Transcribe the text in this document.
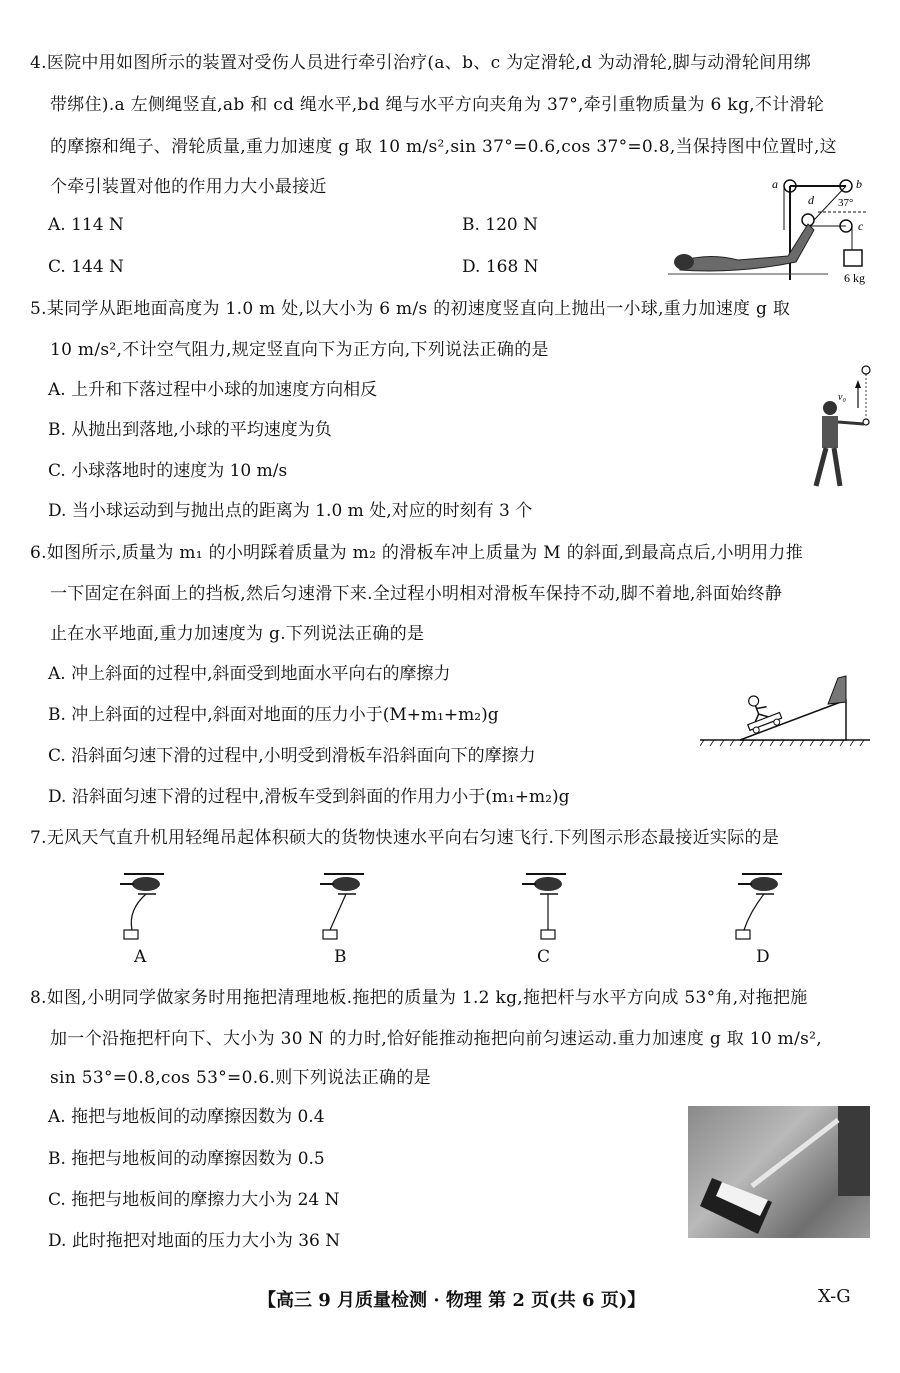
4.医院中用如图所示的装置对受伤人员进行牵引治疗(a、b、c 为定滑轮,d 为动滑轮,脚与动滑轮间用绑
带绑住).a 左侧绳竖直,ab 和 cd 绳水平,bd 绳与水平方向夹角为 37°,牵引重物质量为 6 kg,不计滑轮
的摩擦和绳子、滑轮质量,重力加速度 g 取 10 m/s²,sin 37°=0.6,cos 37°=0.8,当保持图中位置时,这
个牵引装置对他的作用力大小最接近
A. 114 N	B. 120 N
C. 144 N	D. 168 N
a	b
c
d 37°
6 kg
5.某同学从距地面高度为 1.0 m 处,以大小为 6 m/s 的初速度竖直向上抛出一小球,重力加速度 g 取
10 m/s²,不计空气阻力,规定竖直向下为正方向,下列说法正确的是
A. 上升和下落过程中小球的加速度方向相反
B. 从抛出到落地,小球的平均速度为负
C. 小球落地时的速度为 10 m/s
D. 当小球运动到与抛出点的距离为 1.0 m 处,对应的时刻有 3 个
v₀
6.如图所示,质量为 m₁ 的小明踩着质量为 m₂ 的滑板车冲上质量为 M 的斜面,到最高点后,小明用力推
一下固定在斜面上的挡板,然后匀速滑下来.全过程小明相对滑板车保持不动,脚不着地,斜面始终静
止在水平地面,重力加速度为 g.下列说法正确的是
A. 冲上斜面的过程中,斜面受到地面水平向右的摩擦力
B. 冲上斜面的过程中,斜面对地面的压力小于(M+m₁+m₂)g
C. 沿斜面匀速下滑的过程中,小明受到滑板车沿斜面向下的摩擦力
D. 沿斜面匀速下滑的过程中,滑板车受到斜面的作用力小于(m₁+m₂)g
7.无风天气直升机用轻绳吊起体积硕大的货物快速水平向右匀速飞行.下列图示形态最接近实际的是
A	B	C	D
8.如图,小明同学做家务时用拖把清理地板.拖把的质量为 1.2 kg,拖把杆与水平方向成 53°角,对拖把施
加一个沿拖把杆向下、大小为 30 N 的力时,恰好能推动拖把向前匀速运动.重力加速度 g 取 10 m/s²,
sin 53°=0.8,cos 53°=0.6.则下列说法正确的是
A. 拖把与地板间的动摩擦因数为 0.4
B. 拖把与地板间的动摩擦因数为 0.5
C. 拖把与地板间的摩擦力大小为 24 N
D. 此时拖把对地面的压力大小为 36 N
【高三 9 月质量检测 · 物理 第 2 页(共 6 页)】	X-G
